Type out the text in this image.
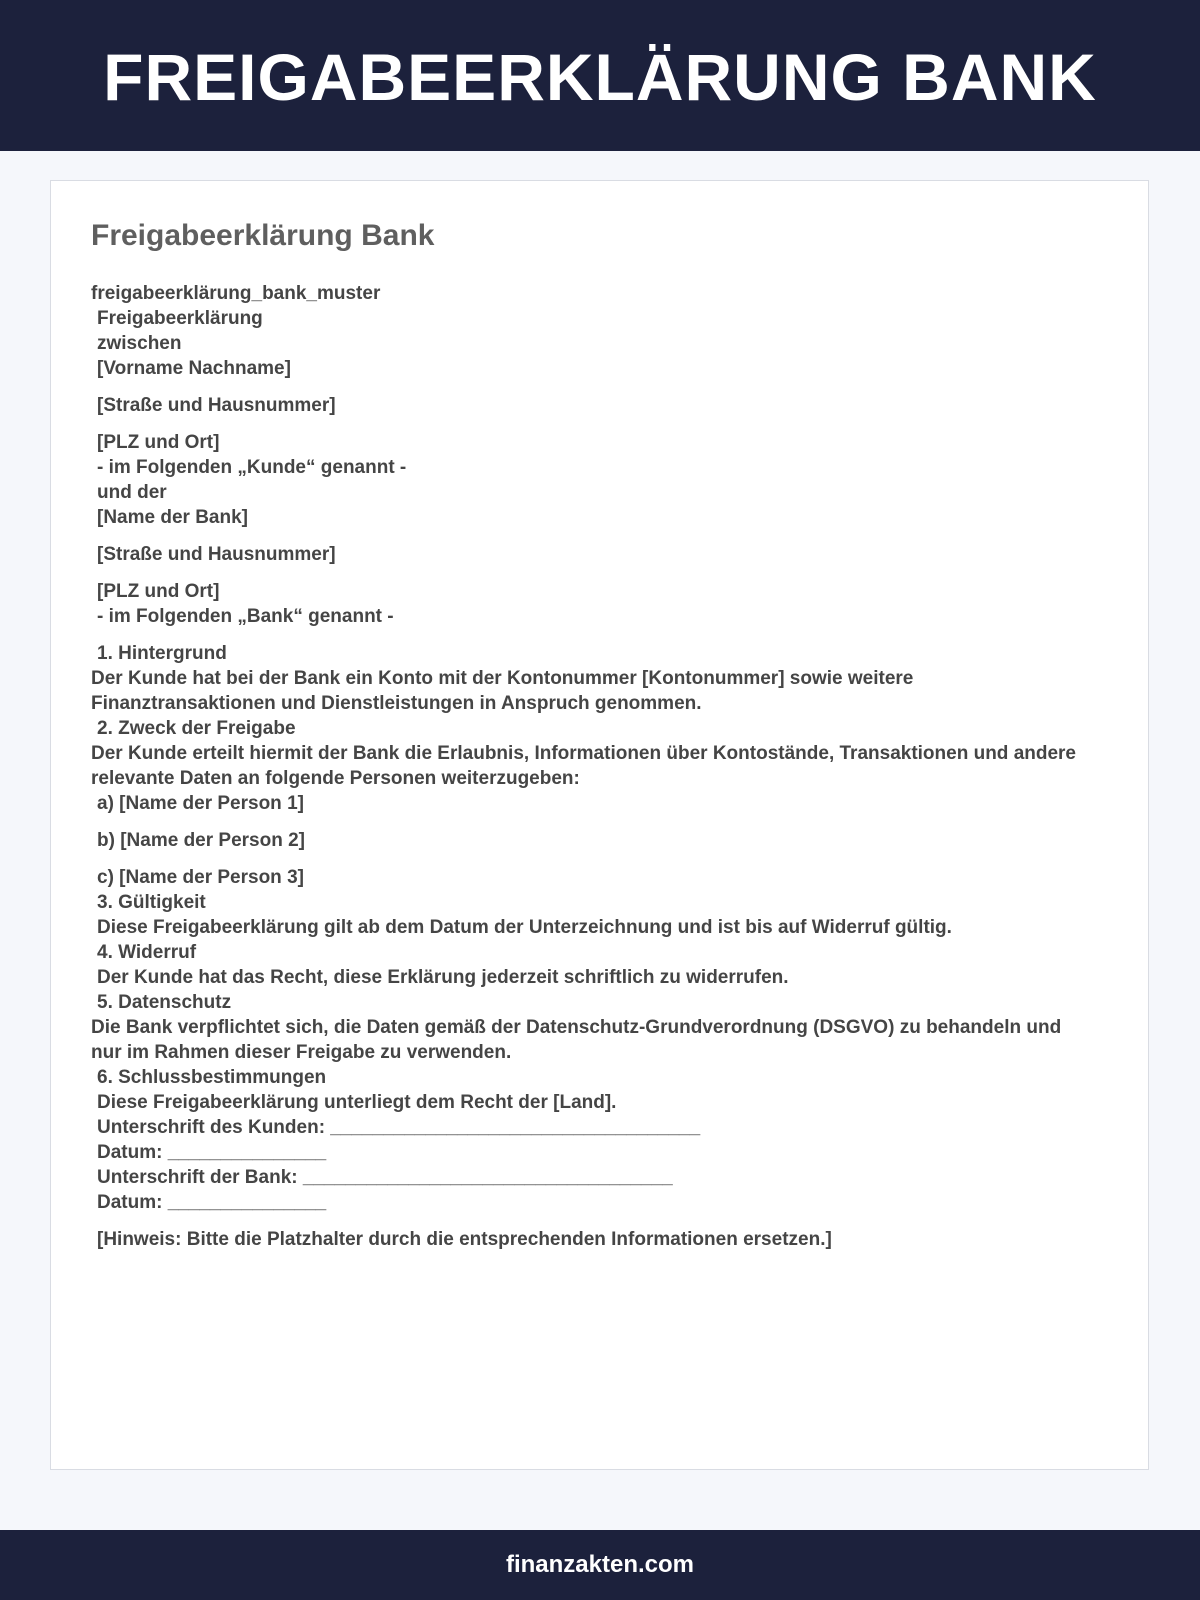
FREIGABEERKLÄRUNG BANK
Freigabeerklärung Bank
freigabeerklärung_bank_muster
Freigabeerklärung
zwischen
[Vorname Nachname]
[Straße und Hausnummer]
[PLZ und Ort]
- im Folgenden „Kunde“ genannt -
und der
[Name der Bank]
[Straße und Hausnummer]
[PLZ und Ort]
- im Folgenden „Bank“ genannt -
1. Hintergrund
Der Kunde hat bei der Bank ein Konto mit der Kontonummer [Kontonummer] sowie weitere Finanztransaktionen und Dienstleistungen in Anspruch genommen.
2. Zweck der Freigabe
Der Kunde erteilt hiermit der Bank die Erlaubnis, Informationen über Kontostände, Transaktionen und andere relevante Daten an folgende Personen weiterzugeben:
a) [Name der Person 1]
b) [Name der Person 2]
c) [Name der Person 3]
3. Gültigkeit
Diese Freigabeerklärung gilt ab dem Datum der Unterzeichnung und ist bis auf Widerruf gültig.
4. Widerruf
Der Kunde hat das Recht, diese Erklärung jederzeit schriftlich zu widerrufen.
5. Datenschutz
Die Bank verpflichtet sich, die Daten gemäß der Datenschutz-Grundverordnung (DSGVO) zu behandeln und nur im Rahmen dieser Freigabe zu verwenden.
6. Schlussbestimmungen
Diese Freigabeerklärung unterliegt dem Recht der [Land].
Unterschrift des Kunden: ___________________________________
Datum: _______________
Unterschrift der Bank: ___________________________________
Datum: _______________
[Hinweis: Bitte die Platzhalter durch die entsprechenden Informationen ersetzen.]
finanzakten.com
